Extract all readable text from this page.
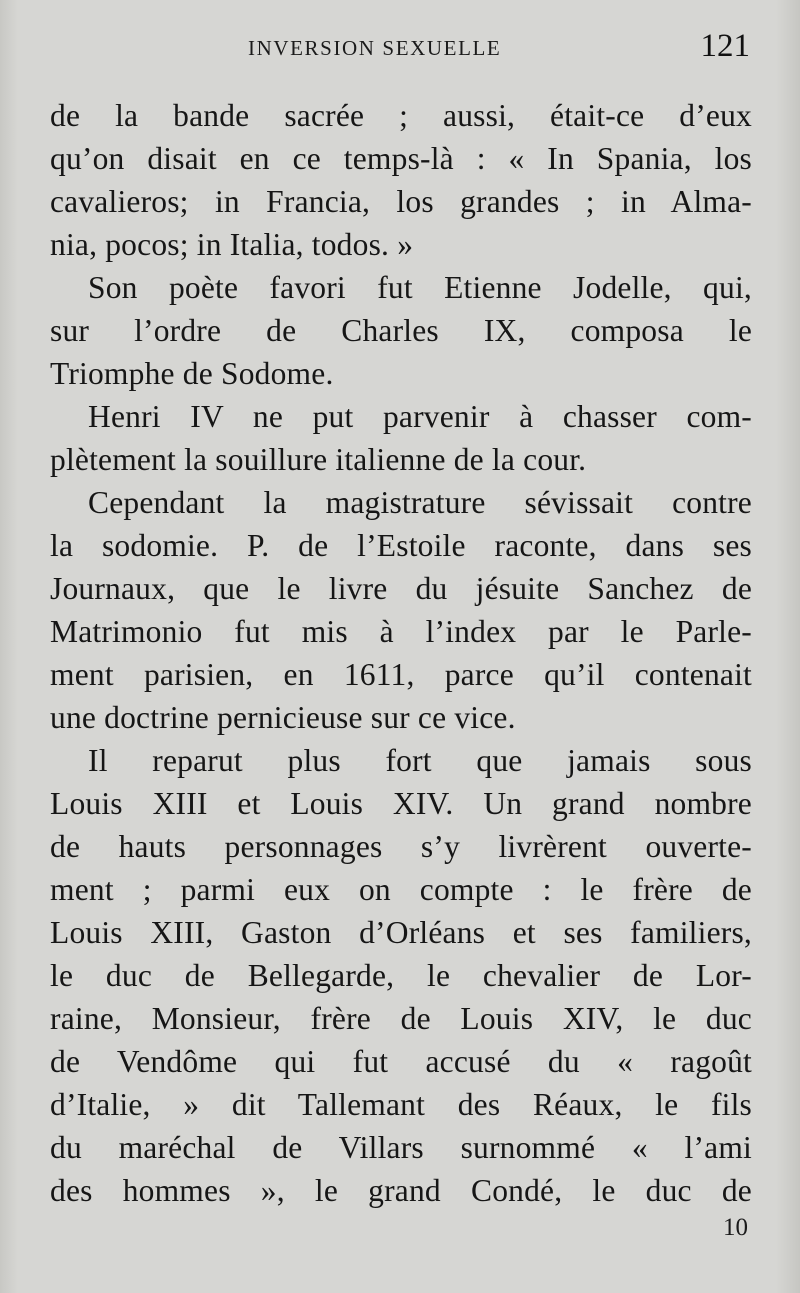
INVERSION SEXUELLE	121
de la bande sacrée ; aussi, était-ce d’eux
qu’on disait en ce temps-là : « In Spania, los
cavalieros; in Francia, los grandes ; in Alma-
nia, pocos; in Italia, todos. »
Son poète favori fut Etienne Jodelle, qui,
sur l’ordre de Charles IX, composa le
Triomphe de Sodome.
Henri IV ne put parvenir à chasser com-
plètement la souillure italienne de la cour.
Cependant la magistrature sévissait contre
la sodomie. P. de l’Estoile raconte, dans ses
Journaux, que le livre du jésuite Sanchez de
Matrimonio fut mis à l’index par le Parle-
ment parisien, en 1611, parce qu’il contenait
une doctrine pernicieuse sur ce vice.
Il reparut plus fort que jamais sous
Louis XIII et Louis XIV. Un grand nombre
de hauts personnages s’y livrèrent ouverte-
ment ; parmi eux on compte : le frère de
Louis XIII, Gaston d’Orléans et ses familiers,
le duc de Bellegarde, le chevalier de Lor-
raine, Monsieur, frère de Louis XIV, le duc
de Vendôme qui fut accusé du « ragoût
d’Italie, » dit Tallemant des Réaux, le fils
du maréchal de Villars surnommé « l’ami
des hommes », le grand Condé, le duc de
10
